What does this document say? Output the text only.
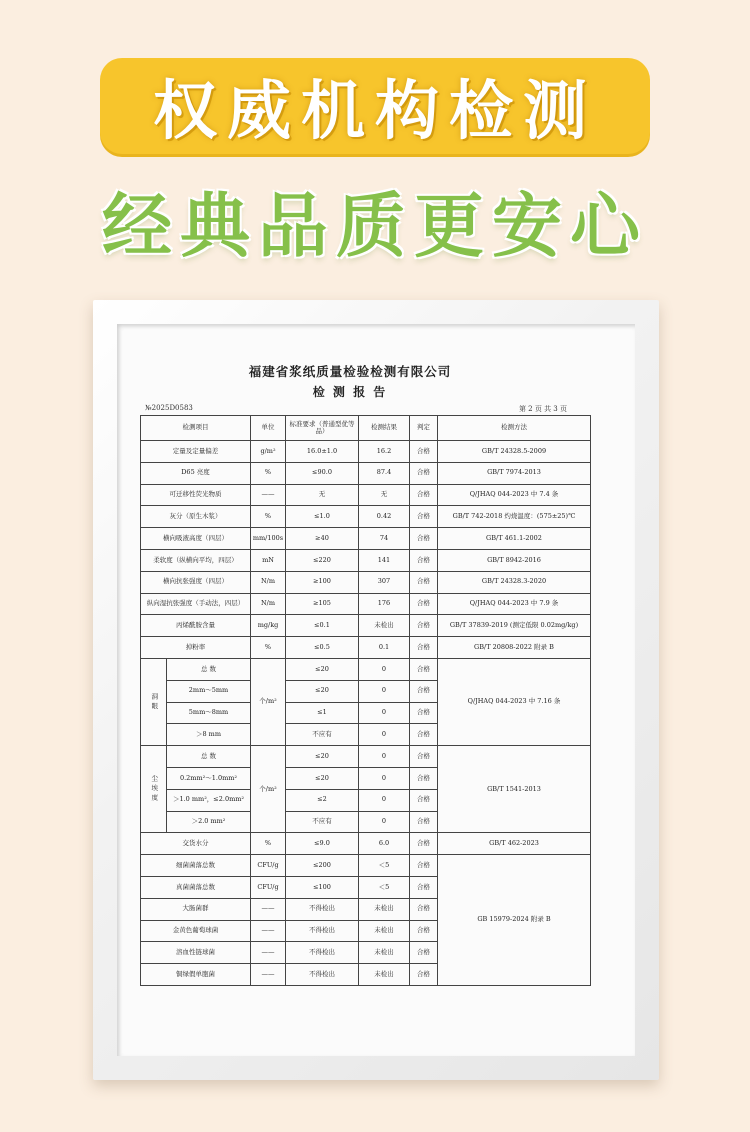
权威机构检测
经典品质更安心
福建省浆纸质量检验检测有限公司
检 测 报 告
№2025D0583	第 2 页 共 3 页
检测项目		单位	标准要求（普通型优等品）	检测结果	判定	检测方法
定量及定量偏差		g/m²	16.0±1.0	16.2	合格	GB/T 24328.5-2009
D65 亮度		%	≤90.0	87.4	合格	GB/T 7974-2013
可迁移性荧光物质		——	无	无	合格	Q/JHAQ 044-2023 中 7.4 条
灰分（原生木浆）		%	≤1.0	0.42	合格	GB/T 742-2018 灼烧温度：(575±25)℃
横向吸液高度（四层）		mm/100s	≥40	74	合格	GB/T 461.1-2002
柔软度（纵横向平均，四层）		mN	≤220	141	合格	GB/T 8942-2016
横向抗张强度（四层）		N/m	≥100	307	合格	GB/T 24328.3-2020
纵向湿抗张强度（手动法，四层）		N/m	≥105	176	合格	Q/JHAQ 044-2023 中 7.9 条
丙烯酰胺含量		mg/kg	≤0.1	未检出	合格	GB/T 37839-2019 (测定低限 0.02mg/kg)
掉粉率		%	≤0.5	0.1	合格	GB/T 20808-2022 附录 B
洞眼	总 数	个/m²	≤20	0	合格	Q/JHAQ 044-2023 中 7.16 条
	2mm～5mm		≤20	0	合格	
	5mm～8mm		≤1	0	合格	
	＞8 mm		不应有	0	合格	
尘埃度	总 数	个/m²	≤20	0	合格	GB/T 1541-2013
	0.2mm²～1.0mm²		≤20	0	合格	
	＞1.0 mm²，≤2.0mm²		≤2	0	合格	
	＞2.0 mm²		不应有	0	合格	
交货水分		%	≤9.0	6.0	合格	GB/T 462-2023
细菌菌落总数		CFU/g	≤200	＜5	合格	GB 15979-2024 附录 B
真菌菌落总数		CFU/g	≤100	＜5	合格	
大肠菌群		——	不得检出	未检出	合格	
金黄色葡萄球菌		——	不得检出	未检出	合格	
溶血性链球菌		——	不得检出	未检出	合格	
铜绿假单胞菌		——	不得检出	未检出	合格	
